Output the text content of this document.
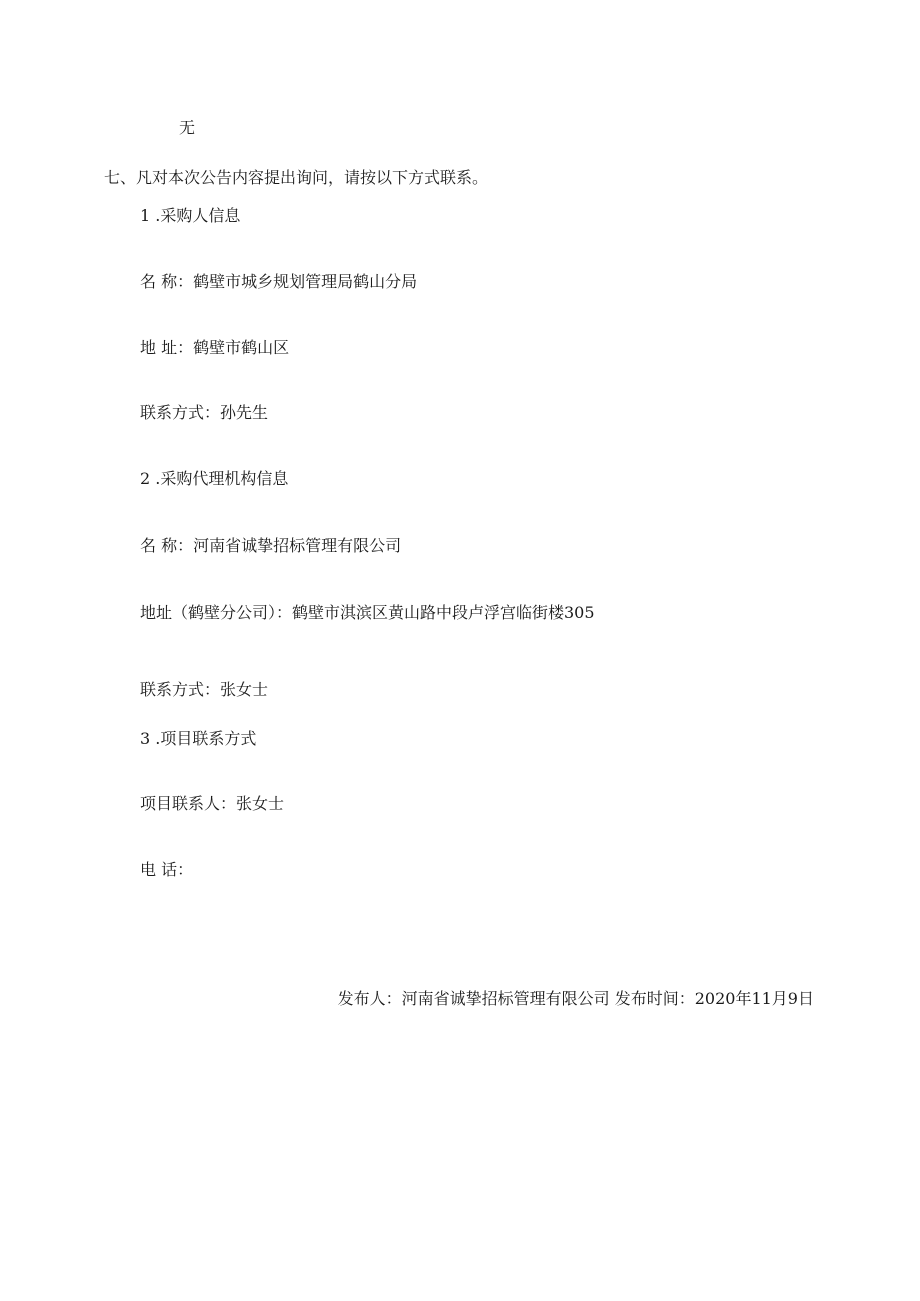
无
七、凡对本次公告内容提出询问，请按以下方式联系。
1 .采购人信息
名 称：鹤壁市城乡规划管理局鹤山分局
地 址：鹤壁市鹤山区
联系方式：孙先生
2 .采购代理机构信息
名 称：河南省诚挚招标管理有限公司
地址（鹤壁分公司）：鹤壁市淇滨区黄山路中段卢浮宫临街楼305
联系方式：张女士
3 .项目联系方式
项目联系人：张女士
电 话：
发布人：河南省诚挚招标管理有限公司 发布时间：2020年11月9日
